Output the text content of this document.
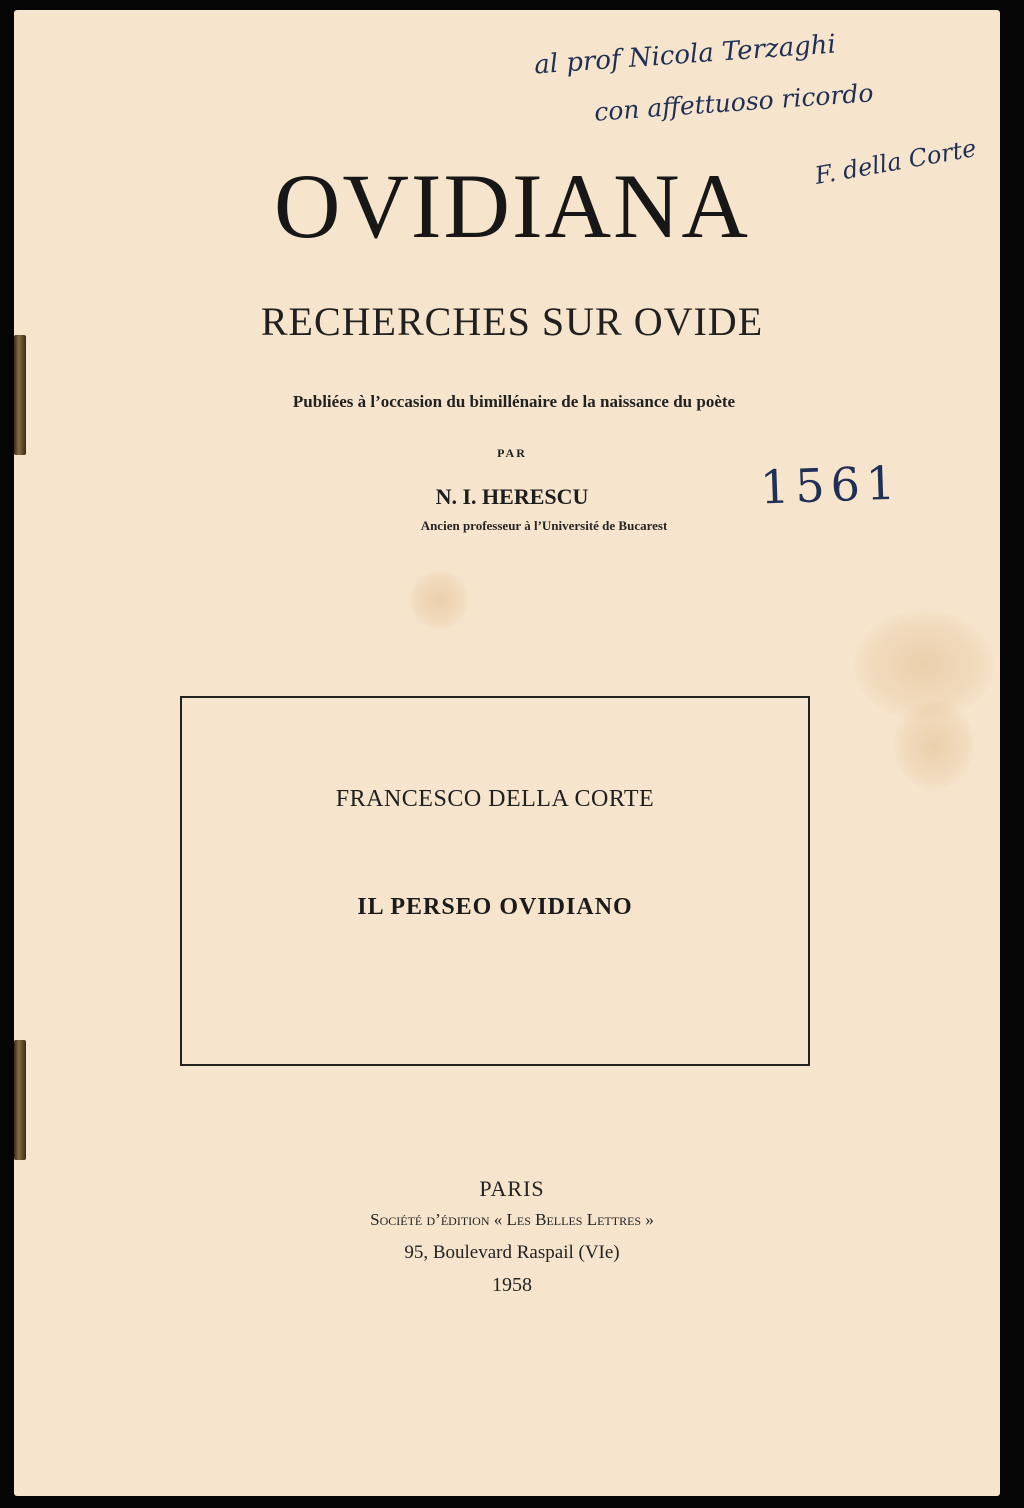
al prof Nicola Terzaghi
con affettuoso ricordo
F. della Corte
1561
OVIDIANA
RECHERCHES SUR OVIDE
Publiées à l’occasion du bimillénaire de la naissance du poète
PAR
N. I. HERESCU
Ancien professeur à l’Université de Bucarest
FRANCESCO DELLA CORTE
IL PERSEO OVIDIANO
PARIS
Société d’édition « Les Belles Lettres »
95, Boulevard Raspail (VIe)
1958
